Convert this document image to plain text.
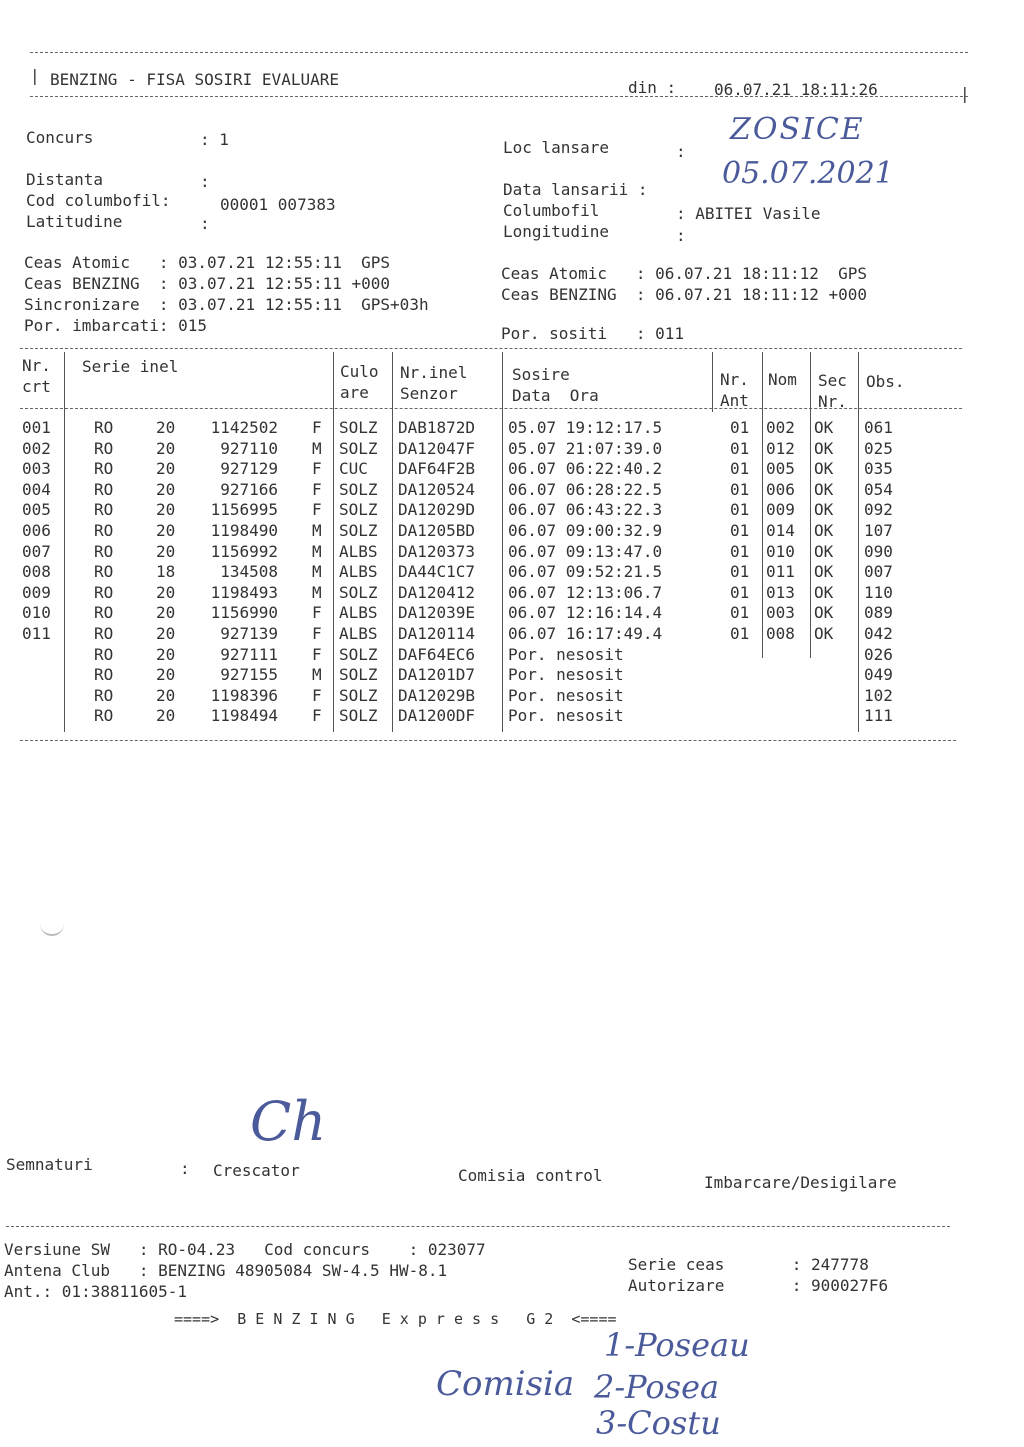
| BENZING - FISA SOSIRI EVALUARE	din : 06.07.21 18:11:26	|
Concurs	: 1
Distanta	:
Cod columbofil:	00001 007383
Latitudine	:
Loc lansare	:
ZOSICE
Data lansarii : 05.07.2021
Columbofil	: ABITEI Vasile
Longitudine	:
Ceas Atomic   : 03.07.21 12:55:11  GPS
Ceas BENZING  : 03.07.21 12:55:11 +000
Sincronizare  : 03.07.21 12:55:11  GPS+03h
Por. imbarcati: 015
Ceas Atomic   : 06.07.21 18:11:12  GPS
Ceas BENZING  : 06.07.21 18:11:12 +000
Por. sositi   : 011
Nr.
crt
Serie inel	Culo
are
Nr.inel
Senzor
Sosire
Data  Ora
Nr.
Ant
Nom Sec
Nr.
Obs.
001	RO	20 1142502 F SOLZ DAB1872D 05.07 19:12:17.5	01 002 OK 061
002	RO	20	927110 M SOLZ DA12047F 05.07 21:07:39.0	01 012 OK 025
003	RO	20	927129 F CUC DAF64F2B 06.07 06:22:40.2	01 005 OK 035
004	RO	20	927166 F SOLZ DA120524 06.07 06:28:22.5	01 006 OK 054
005	RO	20 1156995 F SOLZ DA12029D 06.07 06:43:22.3	01 009 OK 092
006	RO	20 1198490 M SOLZ DA1205BD 06.07 09:00:32.9	01 014 OK 107
007	RO	20 1156992 M ALBS DA120373 06.07 09:13:47.0	01 010 OK 090
008	RO	18	134508 M ALBS DA44C1C7 06.07 09:52:21.5	01 011 OK 007
009	RO	20 1198493 M SOLZ DA120412 06.07 12:13:06.7	01 013 OK 110
010	RO	20 1156990 F ALBS DA12039E 06.07 12:16:14.4	01 003 OK 089
011	RO	20	927139 F ALBS DA120114 06.07 16:17:49.4	01 008 OK 042
RO	20	927111 F SOLZ DAF64EC6 Por. nesosit	026
RO	20	927155 M SOLZ DA1201D7 Por. nesosit	049
RO	20 1198396 F SOLZ DA12029B Por. nesosit	102
RO	20 1198494 F SOLZ DA1200DF Por. nesosit	111
Ch
Semnaturi	: Crescator	Comisia control	Imbarcare/Desigilare
Versiune SW   : RO-04.23   Cod concurs    : 023077
Antena Club   : BENZING 48905084 SW-4.5 HW-8.1
Ant.: 01:38811605-1
Serie ceas       : 247778
Autorizare       : 900027F6
====>  B E N Z I N G   E x p r e s s   G 2  <====
Comisia
1-Poseau
2-Posea
3-Costu
